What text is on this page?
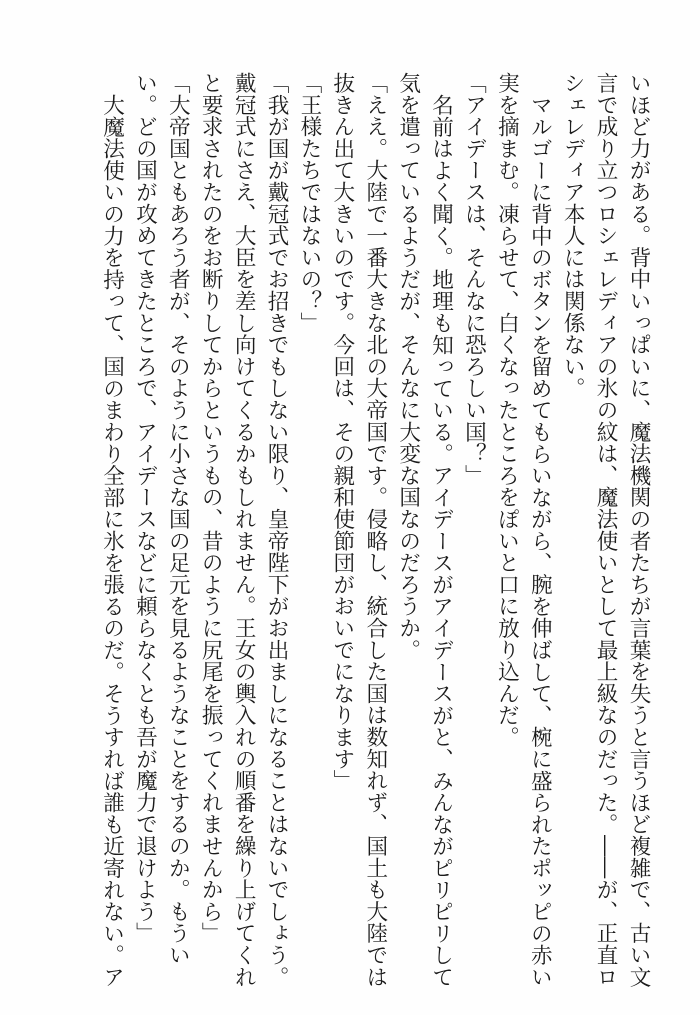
いほど力がある。背中いっぱいに、魔法機関の者たちが言葉を失うと言うほど複雑で、古い文
言で成り立つロシェレディアの氷の紋は、魔法使いとして最上級なのだった。――が、正直ロ
シェレディア本人には関係ない。
マルゴーに背中のボタンを留めてもらいながら、腕を伸ばして、椀に盛られたポッピの赤い
実を摘まむ。凍らせて、白くなったところをぽいと口に放り込んだ。
「アイデースは、そんなに恐ろしい国？」
名前はよく聞く。地理も知っている。アイデースがアイデースがと、みんながピリピリして
気を遣っているようだが、そんなに大変な国なのだろうか。
「ええ。大陸で一番大きな北の大帝国です。侵略し、統合した国は数知れず、国土も大陸では
抜きん出て大きいのです。今回は、その親和使節団がおいでになります」
「王様たちではないの？」
「我が国が戴冠式でお招きでもしない限り、皇帝陛下がお出ましになることはないでしょう。
戴冠式にさえ、大臣を差し向けてくるかもしれません。王女の輿入れの順番を繰り上げてくれ
と要求されたのをお断りしてからというもの、昔のように尻尾を振ってくれませんから」
「大帝国ともあろう者が、そのように小さな国の足元を見るようなことをするのか。もうい
い。どの国が攻めてきたところで、アイデースなどに頼らなくとも吾が魔力で退けよう」
大魔法使いの力を持って、国のまわり全部に氷を張るのだ。そうすれば誰も近寄れない。ア
